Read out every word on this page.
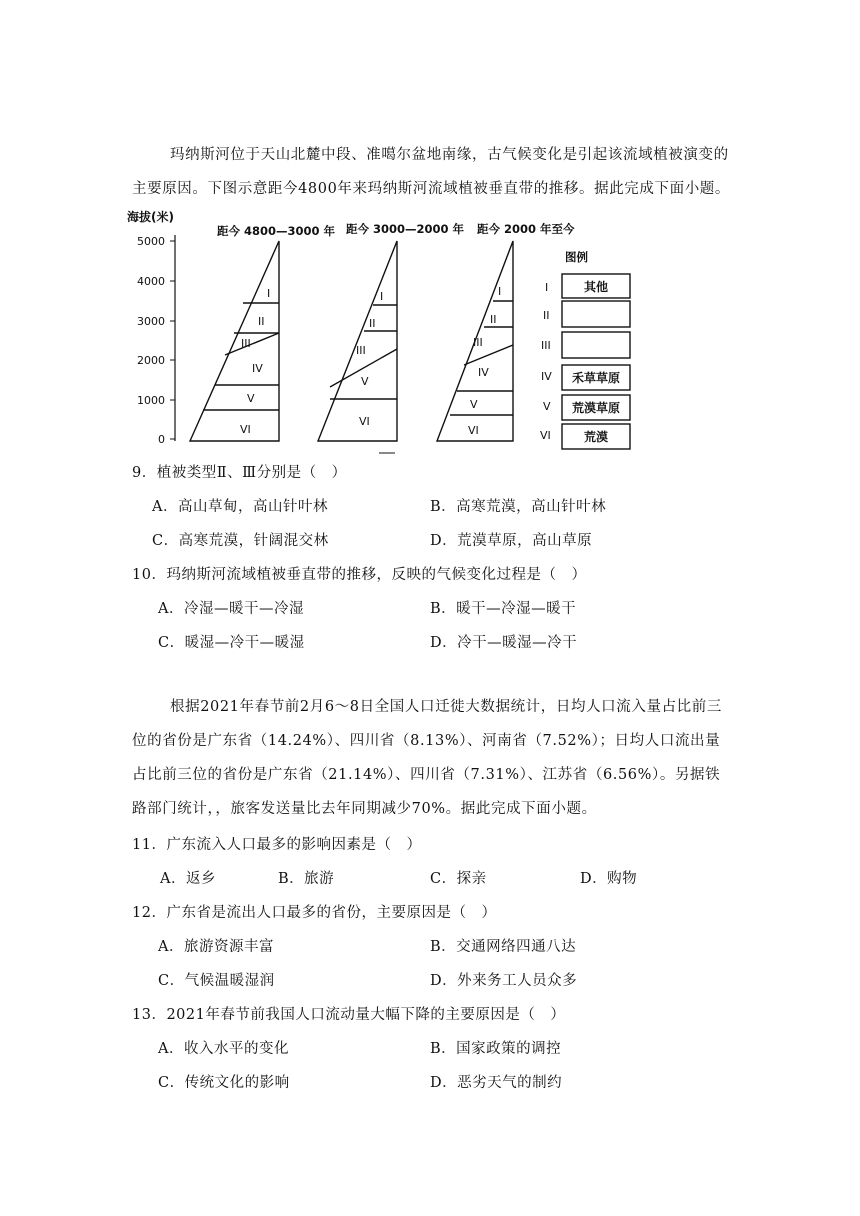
玛纳斯河位于天山北麓中段、准噶尔盆地南缘，古气候变化是引起该流域植被演变的主要原因。下图示意距今4800年来玛纳斯河流域植被垂直带的推移。据此完成下面小题。
海拔(米)
5000
4000
3000
2000
1000
0
距今 4800—3000 年
I
II
III
IV
V
VI
距今 3000—2000 年
I
II
III
V
VI
距今 2000 年至今
I
II
III
IV
V
VI
图例
I
II
III
IV
V
VI
其他
禾草草原
荒漠草原
荒漠
9．植被类型Ⅱ、Ⅲ分别是（　）
A．高山草甸，高山针叶林	B．高寒荒漠，高山针叶林
C．高寒荒漠，针阔混交林	D．荒漠草原，高山草原
10．玛纳斯河流域植被垂直带的推移，反映的气候变化过程是（　）
A．冷湿—暖干—冷湿	B．暖干—冷湿—暖干
C．暖湿—冷干—暖湿	D．冷干—暖湿—冷干
根据2021年春节前2月6～8日全国人口迁徙大数据统计，日均人口流入量占比前三位的省份是广东省（14.24%）、四川省（8.13%）、河南省（7.52%）；日均人口流出量占比前三位的省份是广东省（21.14%）、四川省（7.31%）、江苏省（6.56%）。另据铁路部门统计，，旅客发送量比去年同期减少70%。据此完成下面小题。
11．广东流入人口最多的影响因素是（　）
A．返乡	B．旅游	C．探亲	D．购物
12．广东省是流出人口最多的省份，主要原因是（　）
A．旅游资源丰富	B．交通网络四通八达
C．气候温暖湿润	D．外来务工人员众多
13．2021年春节前我国人口流动量大幅下降的主要原因是（　）
A．收入水平的变化	B．国家政策的调控
C．传统文化的影响	D．恶劣天气的制约
